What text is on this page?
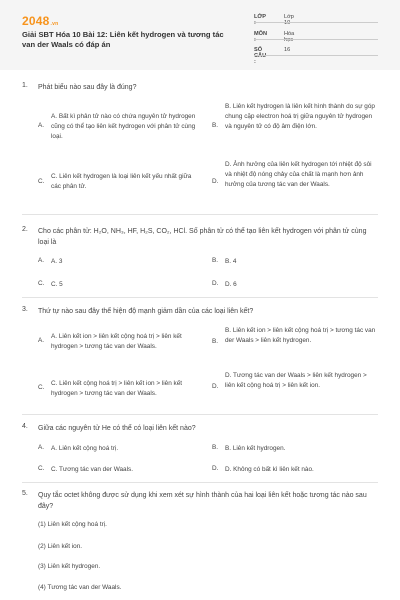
2048.vn
Giải SBT Hóa 10 Bài 12: Liên kết hydrogen và tương tác van der Waals có đáp án
LỚP :
Lớp 10
MÔN :
Hóa học
SỐ CÂU :
16
1. Phát biểu nào sau đây là đúng?
A.
A. Bất kì phân tử nào có chứa nguyên tử hydrogen cũng có thể tạo liên kết hydrogen với phân tử cùng loại.
B.
B. Liên kết hydrogen là liên kết hình thành do sự góp chung cặp electron hoá trị giữa nguyên tử hydrogen và nguyên tử có độ âm điện lớn.
C.
C. Liên kết hydrogen là loại liên kết yếu nhất giữa các phân tử.
D.
D. Ảnh hưởng của liên kết hydrogen tới nhiệt độ sôi và nhiệt độ nóng chảy của chất là mạnh hơn ảnh hưởng của tương tác van der Waals.
2. Cho các phân tử: H₂O, NH₃, HF, H₂S, CO₂, HCl. Số phân tử có thể tạo liên kết hydrogen với phân tử cùng loại là
A. A. 3	B. B. 4
C. C. 5	D. D. 6
3. Thứ tự nào sau đây thể hiện độ mạnh giảm dần của các loại liên kết?
A.
A. Liên kết ion > liên kết cộng hoá trị > liên kết hydrogen > tương tác van der Waals.
B.
B. Liên kết ion > liên kết cộng hoá trị > tương tác van der Waals > liên kết hydrogen.
C.
C. Liên kết cộng hoá trị > liên kết ion > liên kết hydrogen > tương tác van der Waals.
D.
D. Tương tác van der Waals > liên kết hydrogen > liên kết cộng hoá trị > liên kết ion.
4. Giữa các nguyên tử He có thể có loại liên kết nào?
A. A. Liên kết cộng hoá trị.	B. B. Liên kết hydrogen.
C. C. Tương tác van der Waals.	D. D. Không có bất kì liên kết nào.
5. Quy tắc octet không được sử dụng khi xem xét sự hình thành của hai loại liên kết hoặc tương tác nào sau đây?
(1) Liên kết cộng hoá trị.
(2) Liên kết ion.
(3) Liên kết hydrogen.
(4) Tương tác van der Waals.
